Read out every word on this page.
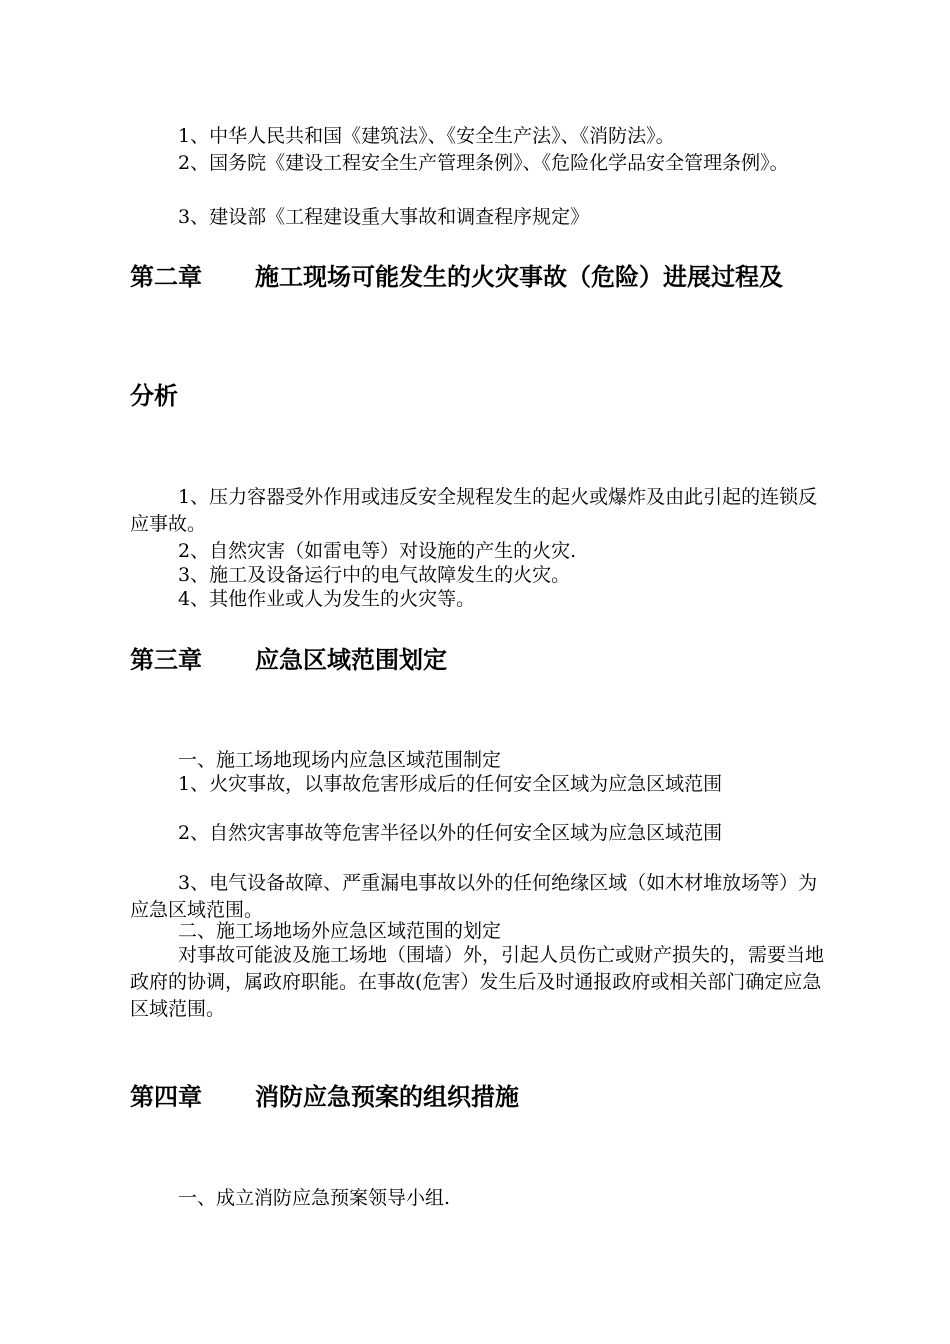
1、中华人民共和国《建筑法》、《安全生产法》、《消防法》。

2、国务院《建设工程安全生产管理条例》、《危险化学品安全管理条例》。

3、建设部《工程建设重大事故和调查程序规定》

第二章 施工现场可能发生的火灾事故（危险）进展过程及
分析

1、压力容器受外作用或违反安全规程发生的起火或爆炸及由此引起的连锁反应事故。

2、自然灾害（如雷电等）对设施的产生的火灾.

3、施工及设备运行中的电气故障发生的火灾。

4、其他作业或人为发生的火灾等。

第三章 应急区域范围划定

一、施工场地现场内应急区域范围制定

1、火灾事故，以事故危害形成后的任何安全区域为应急区域范围

2、自然灾害事故等危害半径以外的任何安全区域为应急区域范围

3、电气设备故障、严重漏电事故以外的任何绝缘区域（如木材堆放场等）为应急区域范围。

二、施工场地场外应急区域范围的划定

对事故可能波及施工场地（围墙）外，引起人员伤亡或财产损失的，需要当地政府的协调，属政府职能。在事故(危害）发生后及时通报政府或相关部门确定应急区域范围。

第四章 消防应急预案的组织措施

一、成立消防应急预案领导小组.
